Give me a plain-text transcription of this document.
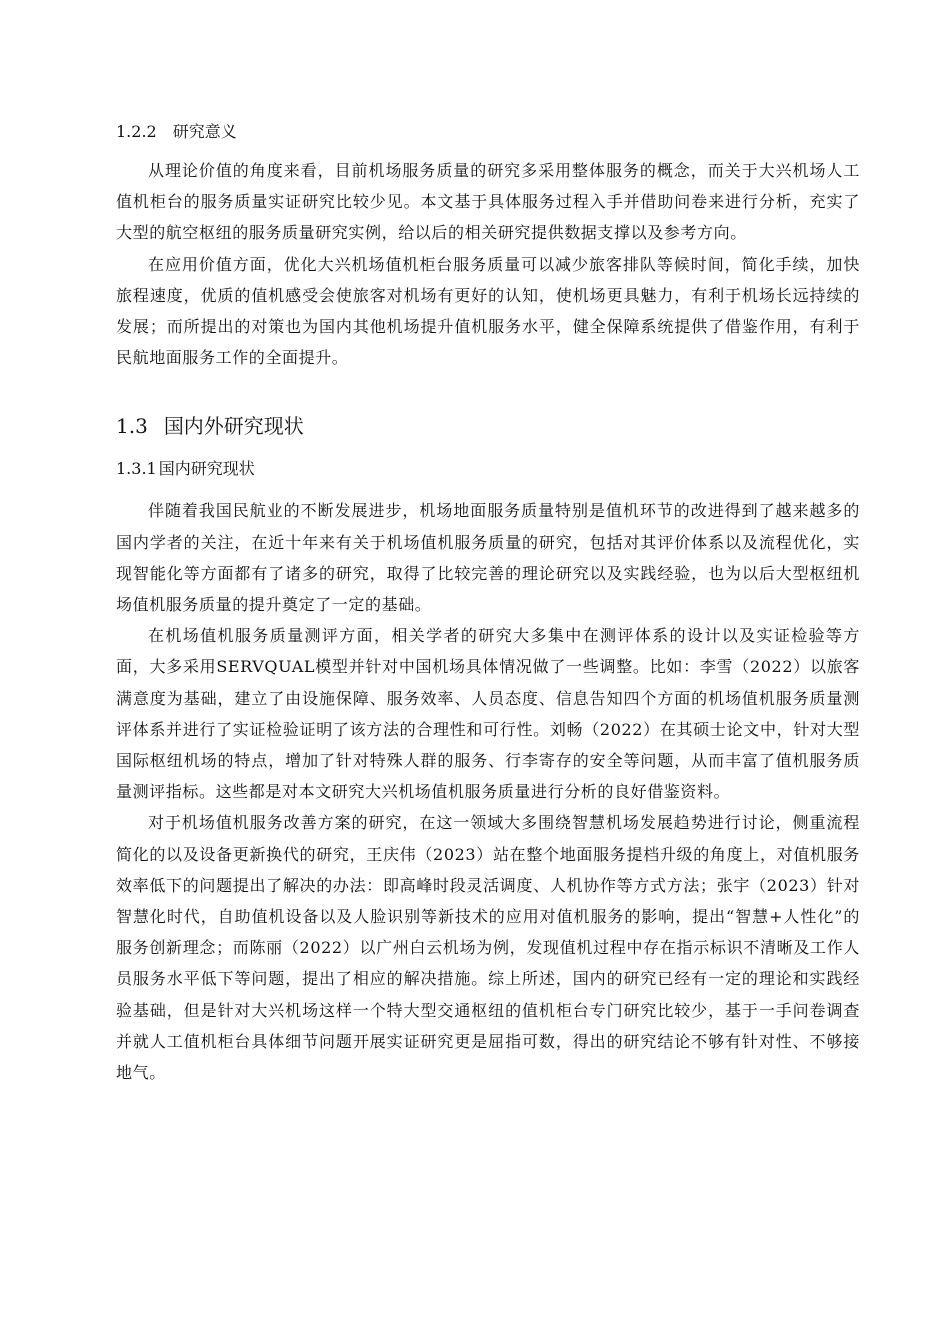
1.2.2 研究意义

从理论价值的角度来看，目前机场服务质量的研究多采用整体服务的概念，而关于大兴机场人工值机柜台的服务质量实证研究比较少见。本文基于具体服务过程入手并借助问卷来进行分析，充实了大型的航空枢纽的服务质量研究实例，给以后的相关研究提供数据支撑以及参考方向。

在应用价值方面，优化大兴机场值机柜台服务质量可以减少旅客排队等候时间，简化手续，加快旅程速度，优质的值机感受会使旅客对机场有更好的认知，使机场更具魅力，有利于机场长远持续的发展；而所提出的对策也为国内其他机场提升值机服务水平，健全保障系统提供了借鉴作用，有利于民航地面服务工作的全面提升。

1.3 国内外研究现状
1.3.1 国内研究现状

伴随着我国民航业的不断发展进步，机场地面服务质量特别是值机环节的改进得到了越来越多的国内学者的关注，在近十年来有关于机场值机服务质量的研究，包括对其评价体系以及流程优化，实现智能化等方面都有了诸多的研究，取得了比较完善的理论研究以及实践经验，也为以后大型枢纽机场值机服务质量的提升奠定了一定的基础。

在机场值机服务质量测评方面，相关学者的研究大多集中在测评体系的设计以及实证检验等方面，大多采用SERVQUAL模型并针对中国机场具体情况做了一些调整。比如：李雪（2022）以旅客满意度为基础，建立了由设施保障、服务效率、人员态度、信息告知四个方面的机场值机服务质量测评体系并进行了实证检验证明了该方法的合理性和可行性。刘畅（2022）在其硕士论文中，针对大型国际枢纽机场的特点，增加了针对特殊人群的服务、行李寄存的安全等问题，从而丰富了值机服务质量测评指标。这些都是对本文研究大兴机场值机服务质量进行分析的良好借鉴资料。

对于机场值机服务改善方案的研究，在这一领域大多围绕智慧机场发展趋势进行讨论，侧重流程简化的以及设备更新换代的研究，王庆伟（2023）站在整个地面服务提档升级的角度上，对值机服务效率低下的问题提出了解决的办法：即高峰时段灵活调度、人机协作等方式方法；张宇（2023）针对智慧化时代，自助值机设备以及人脸识别等新技术的应用对值机服务的影响，提出“智慧+人性化”的服务创新理念；而陈丽（2022）以广州白云机场为例，发现值机过程中存在指示标识不清晰及工作人员服务水平低下等问题，提出了相应的解决措施。综上所述，国内的研究已经有一定的理论和实践经验基础，但是针对大兴机场这样一个特大型交通枢纽的值机柜台专门研究比较少，基于一手问卷调查并就人工值机柜台具体细节问题开展实证研究更是屈指可数，得出的研究结论不够有针对性、不够接地气。
